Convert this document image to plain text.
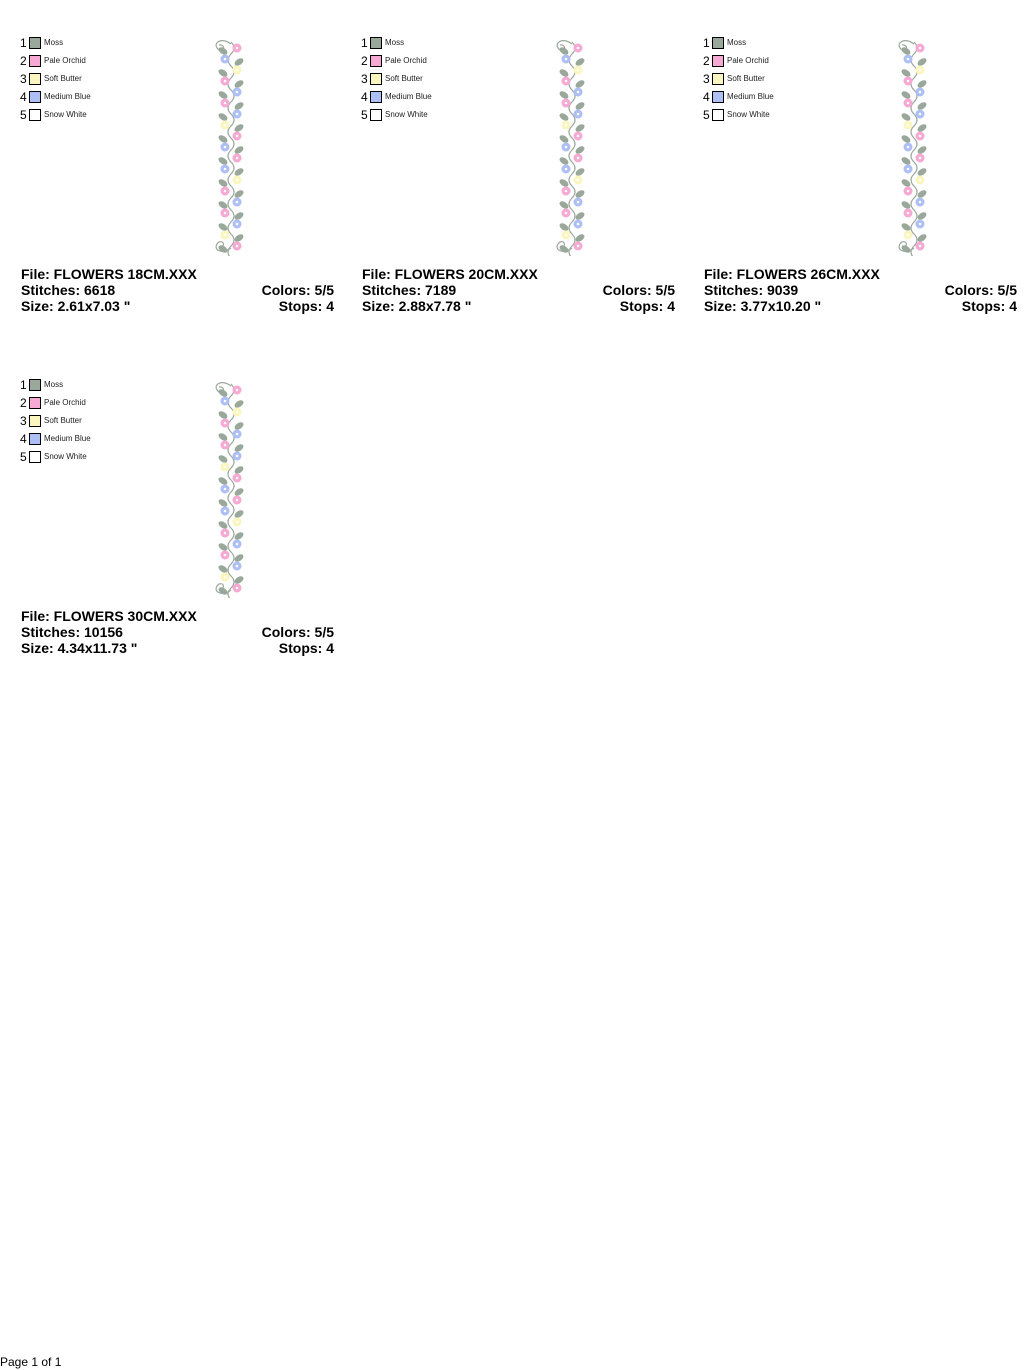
1 Moss
2 Pale Orchid
3 Soft Butter
4 Medium Blue
5 Snow White
File: FLOWERS 18CM.XXX
Stitches: 6618	Colors: 5/5
Size: 2.61x7.03 "	Stops: 4
1 Moss
2 Pale Orchid
3 Soft Butter
4 Medium Blue
5 Snow White
File: FLOWERS 20CM.XXX
Stitches: 7189	Colors: 5/5
Size: 2.88x7.78 "	Stops: 4
1 Moss
2 Pale Orchid
3 Soft Butter
4 Medium Blue
5 Snow White
File: FLOWERS 26CM.XXX
Stitches: 9039	Colors: 5/5
Size: 3.77x10.20 "	Stops: 4
1 Moss
2 Pale Orchid
3 Soft Butter
4 Medium Blue
5 Snow White
File: FLOWERS 30CM.XXX
Stitches: 10156	Colors: 5/5
Size: 4.34x11.73 "	Stops: 4
Page 1 of 1
